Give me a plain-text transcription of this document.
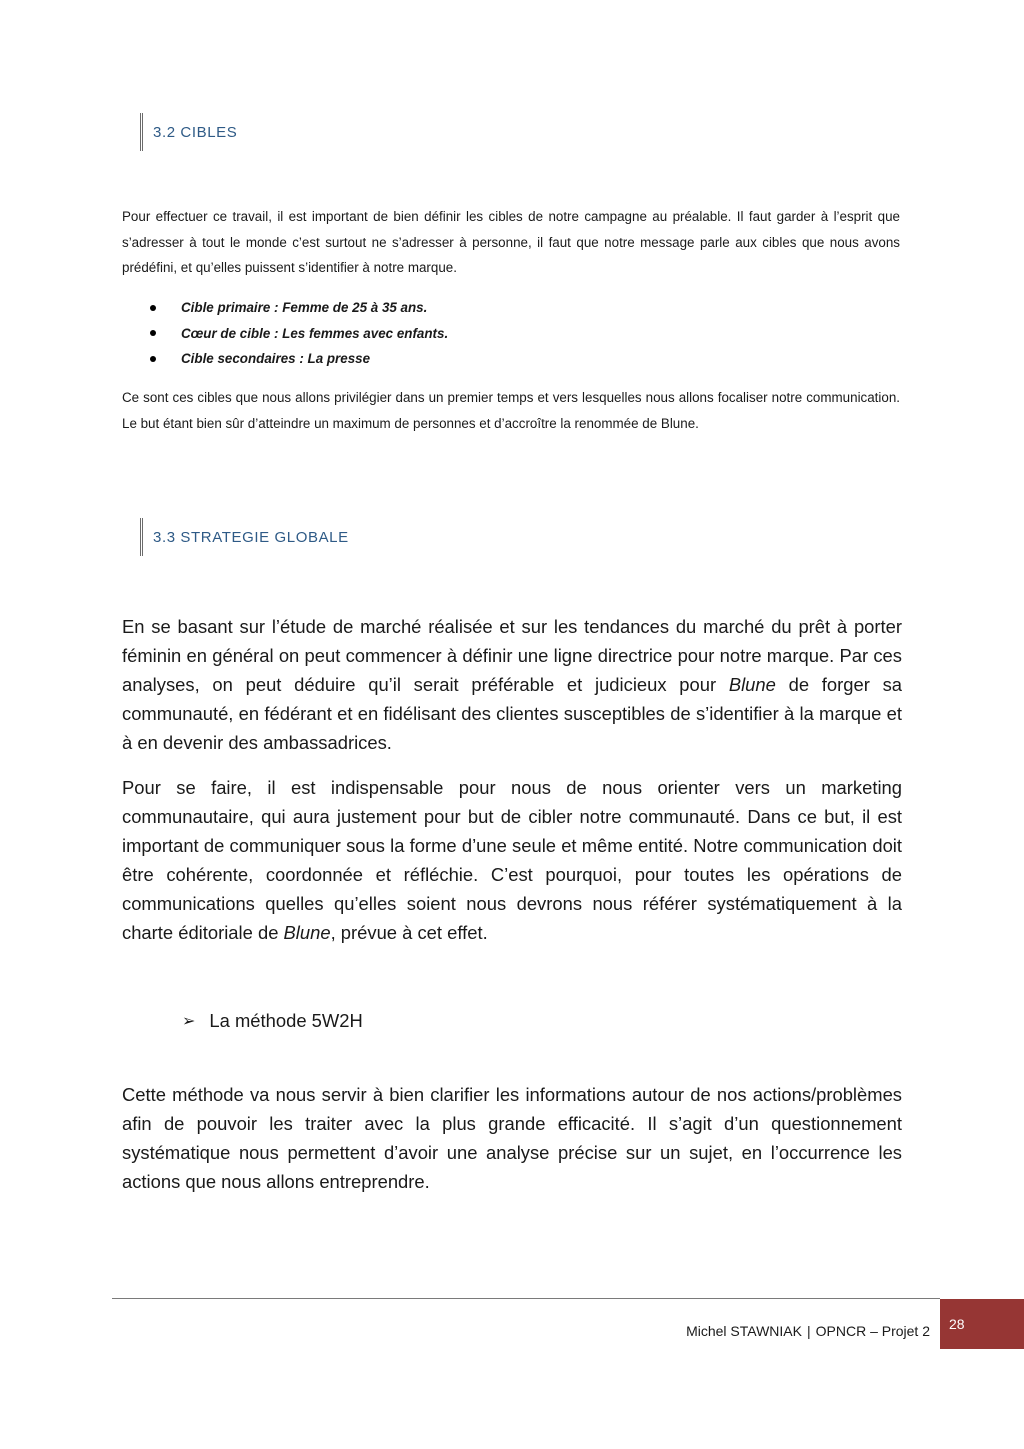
3.2 CIBLES

Pour effectuer ce travail, il est important de bien définir les cibles de notre campagne au préalable. Il faut garder à l’esprit que s’adresser à tout le monde c’est surtout ne s’adresser à personne, il faut que notre message parle aux cibles que nous avons prédéfini, et qu’elles puissent s’identifier à notre marque.

Cible primaire : Femme de 25 à 35 ans.
Cœur de cible : Les femmes avec enfants.
Cible secondaires : La presse

Ce sont ces cibles que nous allons privilégier dans un premier temps et vers lesquelles nous allons focaliser notre communication. Le but étant bien sûr d’atteindre un maximum de personnes et d’accroître la renommée de Blune.

3.3 STRATEGIE GLOBALE

En se basant sur l’étude de marché réalisée et sur les tendances du marché du prêt à porter féminin en général on peut commencer à définir une ligne directrice pour notre marque. Par ces analyses, on peut déduire qu’il serait préférable et judicieux pour Blune de forger sa communauté, en fédérant et en fidélisant des clientes susceptibles de s’identifier à la marque et à en devenir des ambassadrices.

Pour se faire, il est indispensable pour nous de nous orienter vers un marketing communautaire, qui aura justement pour but de cibler notre communauté. Dans ce but, il est important de communiquer sous la forme d’une seule et même entité. Notre communication doit être cohérente, coordonnée et réfléchie. C’est pourquoi, pour toutes les opérations de communications quelles qu’elles soient nous devrons nous référer systématiquement à la charte éditoriale de Blune, prévue à cet effet.

➢ La méthode 5W2H

Cette méthode va nous servir à bien clarifier les informations autour de nos actions/problèmes afin de pouvoir les traiter avec la plus grande efficacité. Il s’agit d’un questionnement systématique nous permettent d’avoir une analyse précise sur un sujet, en l’occurrence les actions que nous allons entreprendre.

Michel STAWNIAK | OPNCR – Projet 2 28
